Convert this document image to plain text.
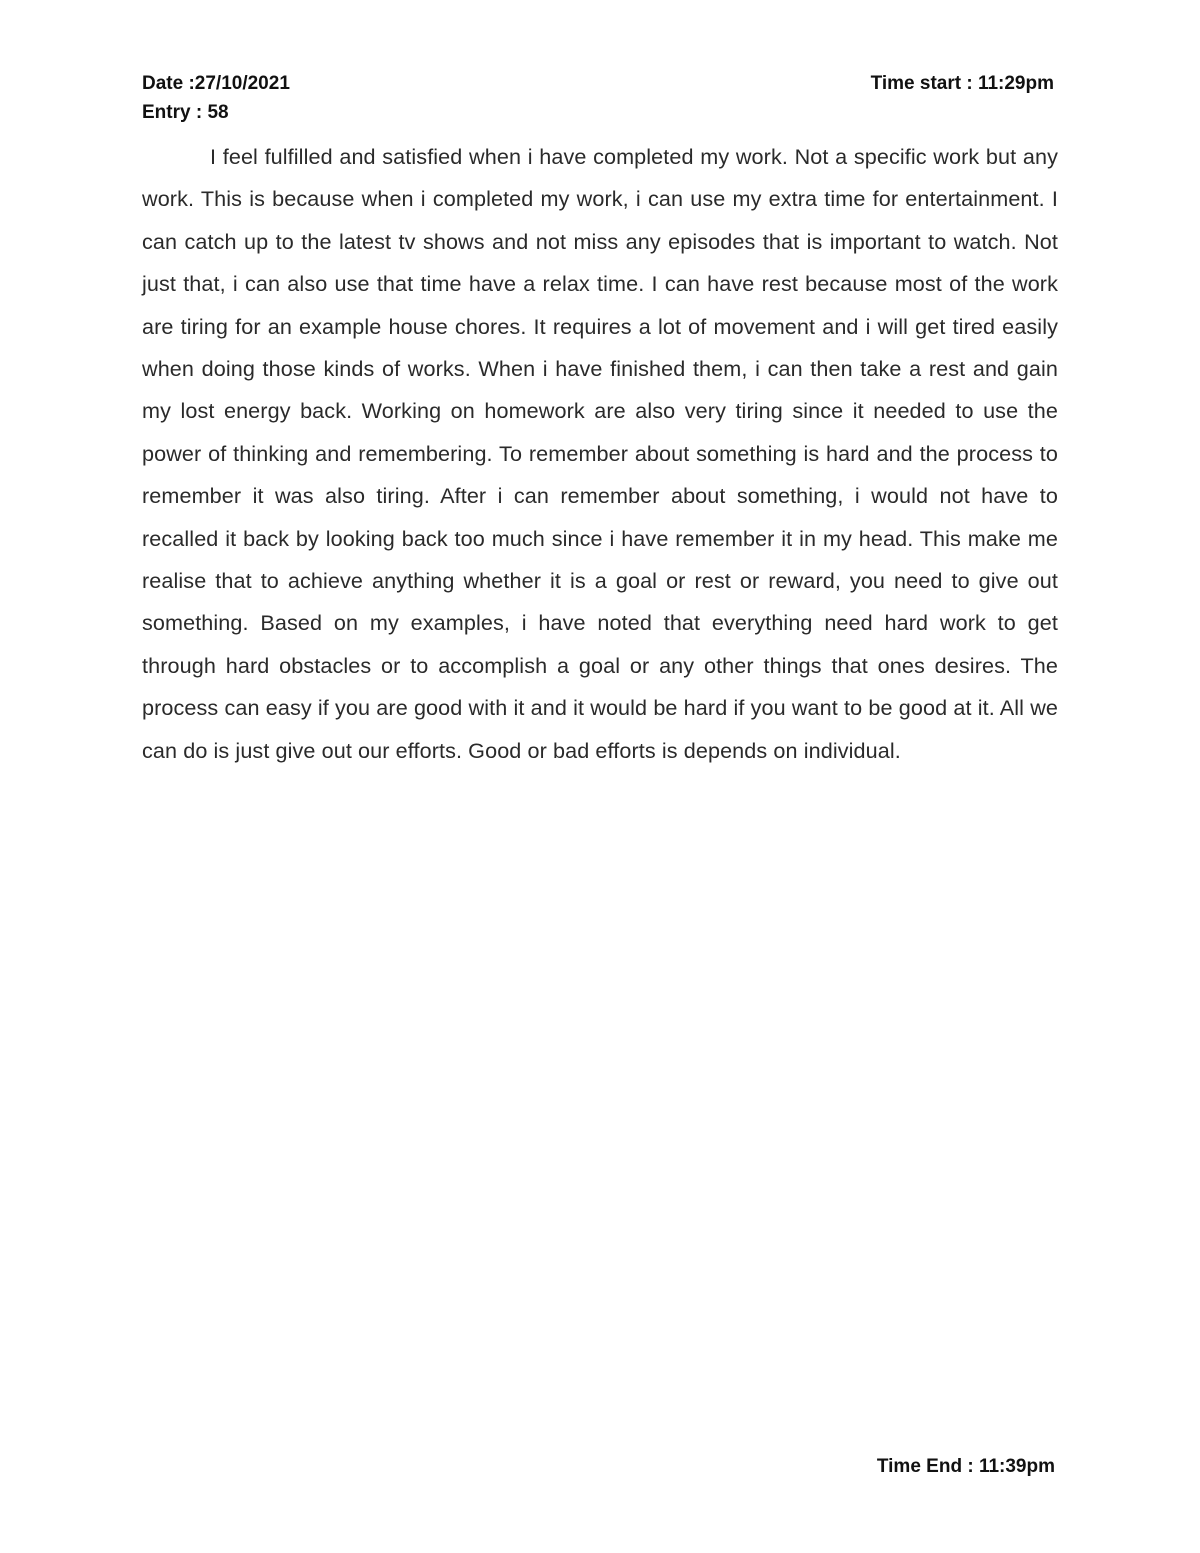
Date :27/10/2021	Time start : 11:29pm
Entry : 58

I feel fulfilled and satisfied when i have completed my work. Not a specific work but any work. This is because when i completed my work, i can use my extra time for entertainment. I can catch up to the latest tv shows and not miss any episodes that is important to watch. Not just that, i can also use that time have a relax time. I can have rest because most of the work are tiring for an example house chores. It requires a lot of movement and i will get tired easily when doing those kinds of works. When i have finished them, i can then take a rest and gain my lost energy back. Working on homework are also very tiring since it needed to use the power of thinking and remembering. To remember about something is hard and the process to remember it was also tiring. After i can remember about something, i would not have to recalled it back by looking back too much since i have remember it in my head. This make me realise that to achieve anything whether it is a goal or rest or reward, you need to give out something. Based on my examples, i have noted that everything need hard work to get through hard obstacles or to accomplish a goal or any other things that ones desires. The process can easy if you are good with it and it would be hard if you want to be good at it. All we can do is just give out our efforts. Good or bad efforts is depends on individual.

Time End : 11:39pm
